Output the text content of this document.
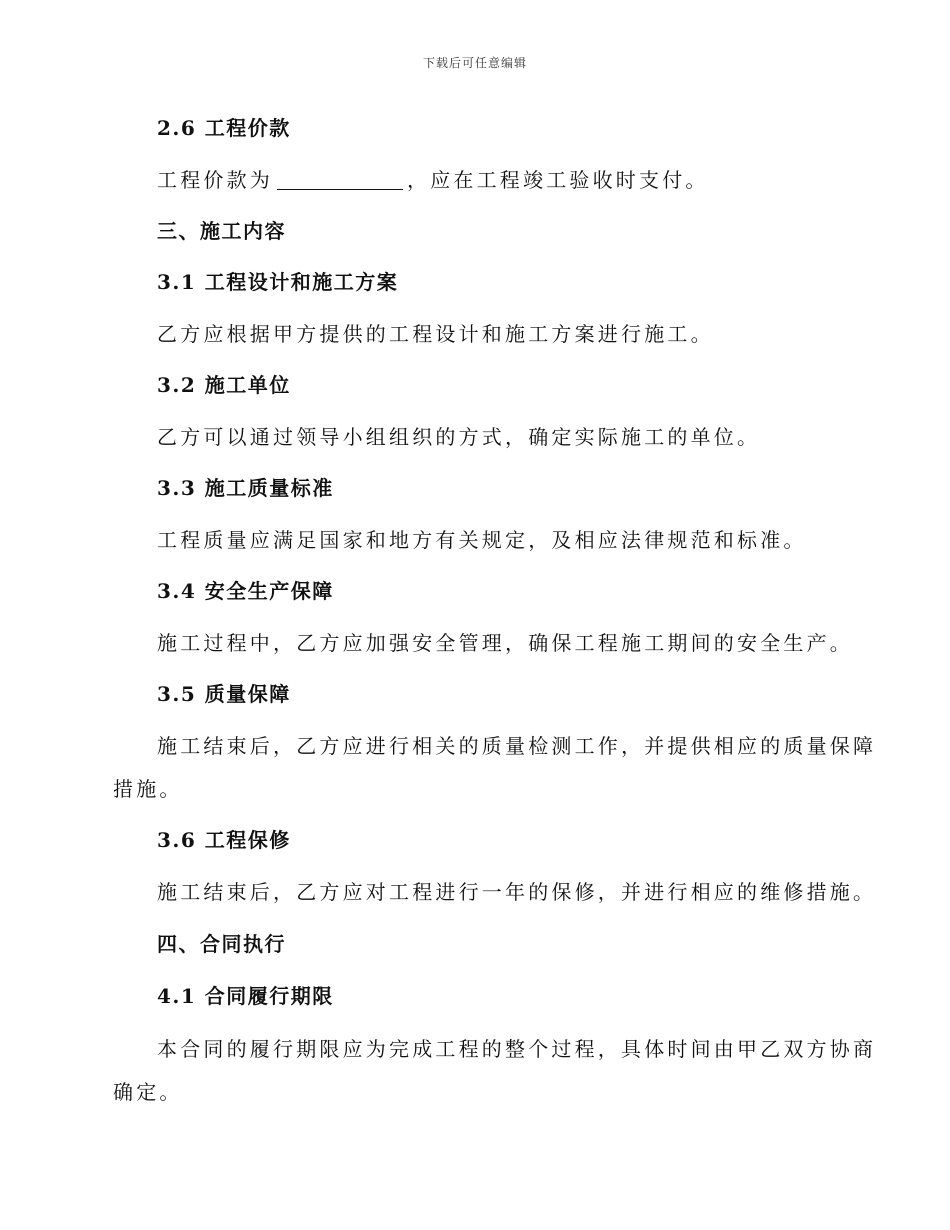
下载后可任意编辑
2.6 工程价款
工程价款为	，应在工程竣工验收时支付。
三、施工内容
3.1 工程设计和施工方案
乙方应根据甲方提供的工程设计和施工方案进行施工。
3.2 施工单位
乙方可以通过领导小组组织的方式，确定实际施工的单位。
3.3 施工质量标准
工程质量应满足国家和地方有关规定，及相应法律规范和标准。
3.4 安全生产保障
施工过程中，乙方应加强安全管理，确保工程施工期间的安全生产。
3.5 质量保障
施工结束后，乙方应进行相关的质量检测工作，并提供相应的质量保障
措施。
3.6 工程保修
施工结束后，乙方应对工程进行一年的保修，并进行相应的维修措施。
四、合同执行
4.1 合同履行期限
本合同的履行期限应为完成工程的整个过程，具体时间由甲乙双方协商
确定。
